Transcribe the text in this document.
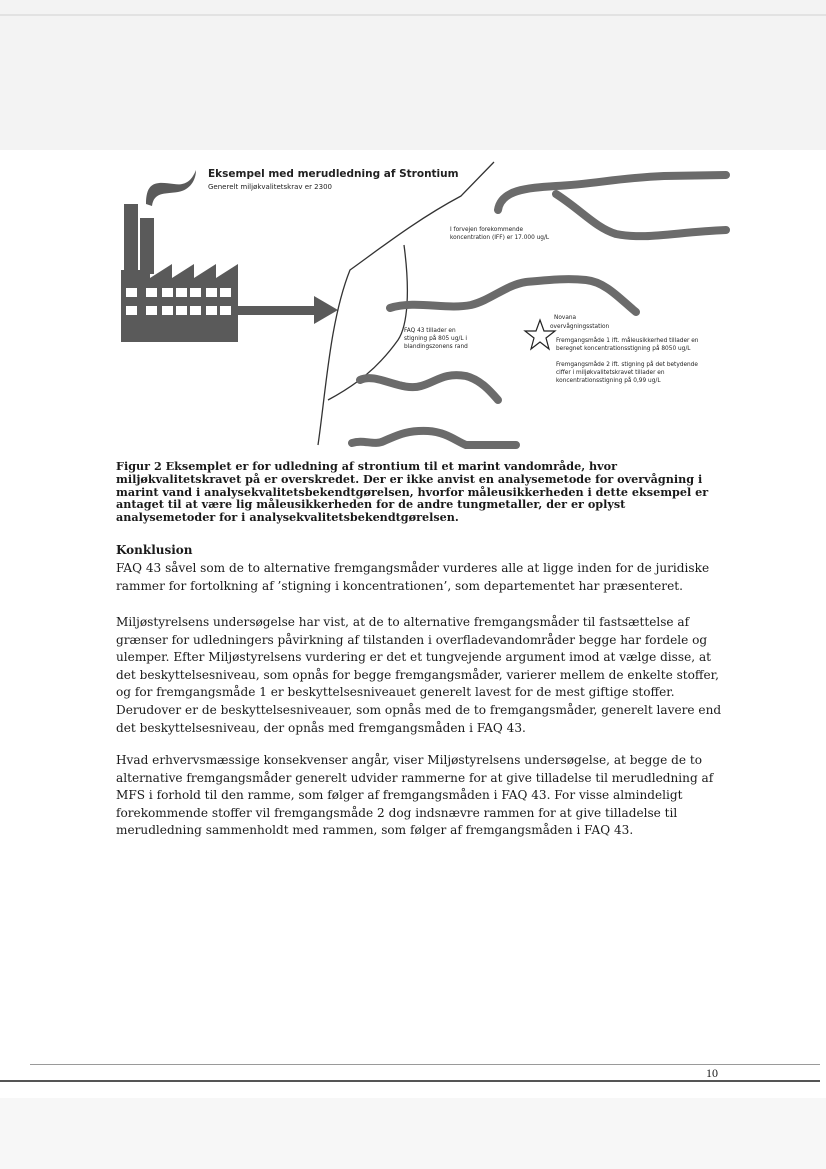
Eksempel med merudledning af Strontium
Generelt miljøkvalitetskrav er 2300
I forvejen forekommende
koncentration (IFF) er 17.000 ug/L
FAQ 43 tillader en
stigning på 805 ug/L i
blandingszonens rand
Novana
overvågningsstation
Fremgangsmåde 1 ift. måleusikkerhed tillader en
beregnet koncentrationsstigning på 8050 ug/L
Fremgangsmåde 2 ift. stigning på det betydende
ciffer i miljøkvalitetskravet tillader en
koncentrationsstigning på 0,99 ug/L

Figur 2 Eksemplet er for udledning af strontium til et marint vandområde, hvor miljøkvalitetskravet på er overskredet. Der er ikke anvist en analysemetode for overvågning i marint vand i analysekvalitetsbekendtgørelsen, hvorfor måleusikkerheden i dette eksempel er antaget til at være lig måleusikkerheden for de andre tungmetaller, der er oplyst analysemetoder for i analysekvalitetsbekendtgørelsen.

Konklusion

FAQ 43 såvel som de to alternative fremgangsmåder vurderes alle at ligge inden for de juridiske rammer for fortolkning af ’stigning i koncentrationen’, som departementet har præsenteret.

Miljøstyrelsens undersøgelse har vist, at de to alternative fremgangsmåder til fastsættelse af grænser for udledningers påvirkning af tilstanden i overfladevandområder begge har fordele og ulemper. Efter Miljøstyrelsens vurdering er det et tungvejende argument imod at vælge disse, at det beskyttelsesniveau, som opnås for begge fremgangsmåder, varierer mellem de enkelte stoffer, og for fremgangsmåde 1 er beskyttelsesniveauet generelt lavest for de mest giftige stoffer. Derudover er de beskyttelsesniveauer, som opnås med de to fremgangsmåder, generelt lavere end det beskyttelsesniveau, der opnås med fremgangsmåden i FAQ 43.

Hvad erhvervsmæssige konsekvenser angår, viser Miljøstyrelsens undersøgelse, at begge de to alternative fremgangsmåder generelt udvider rammerne for at give tilladelse til merudledning af MFS i forhold til den ramme, som følger af fremgangsmåden i FAQ 43. For visse almindeligt forekommende stoffer vil fremgangsmåde 2 dog indsnævre rammen for at give tilladelse til merudledning sammenholdt med rammen, som følger af fremgangsmåden i FAQ 43.

10
